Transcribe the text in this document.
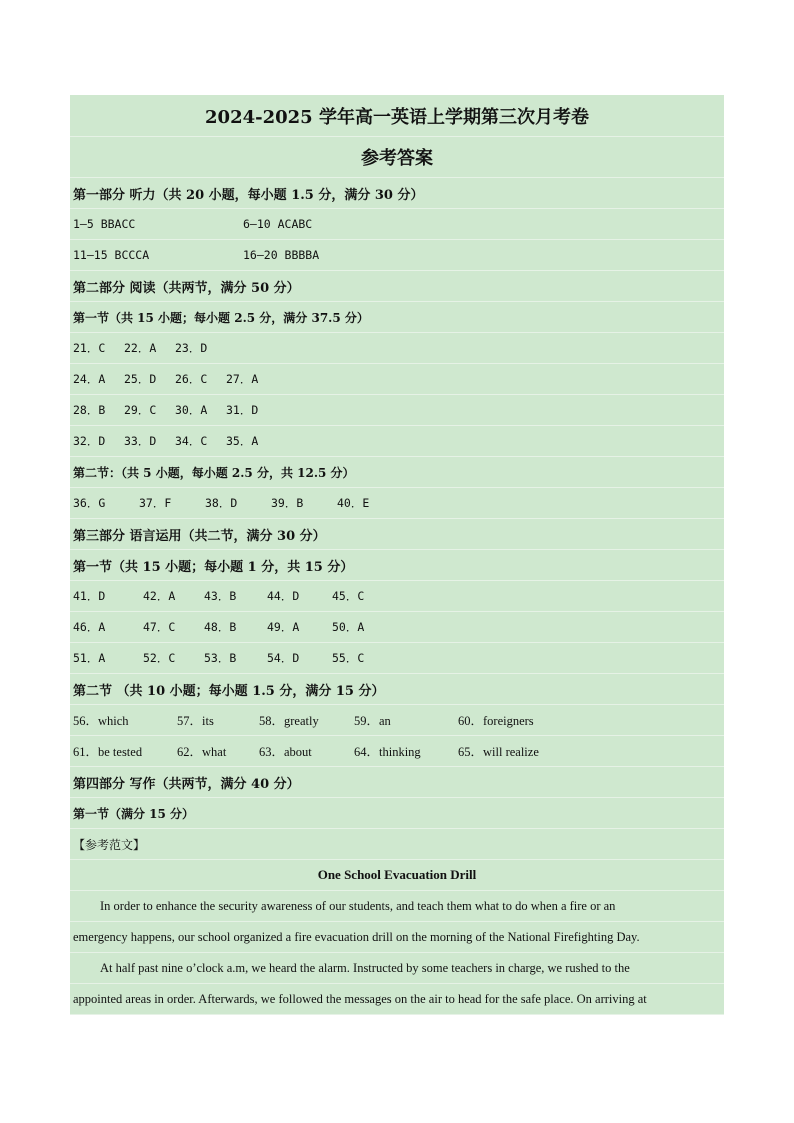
2024-2025 学年高一英语上学期第三次月考卷
参考答案
第一部分 听力（共 20 小题，每小题 1.5 分，满分 30 分）
1—5 BBACC	6—10 ACABC
11—15 BCCCA	16—20 BBBBA
第二部分 阅读（共两节，满分 50 分）
第一节（共 15 小题；每小题 2.5 分，满分 37.5 分）
21．C	22．A	23．D
24．A	25．D	26．C	27．A
28．B	29．C	30．A	31．D
32．D	33．D	34．C	35．A
第二节：（共 5 小题，每小题 2.5 分，共 12.5 分）
36．G	37．F	38．D	39．B	40．E
第三部分 语言运用（共二节，满分 30 分）
第一节（共 15 小题；每小题 1 分，共 15 分）
41．D	42．A	43．B	44．D	45．C
46．A	47．C	48．B	49．A	50．A
51．A	52．C	53．B	54．D	55．C
第二节 （共 10 小题；每小题 1.5 分，满分 15 分）
56．which	57．its	58．greatly	59．an	60．foreigners
61．be tested	62．what	63．about	64．thinking	65．will realize
第四部分 写作（共两节，满分 40 分）
第一节（满分 15 分）
【参考范文】
One School Evacuation Drill
In order to enhance the security awareness of our students, and teach them what to do when a fire or an
emergency happens, our school organized a fire evacuation drill on the morning of the National Firefighting Day.
At half past nine o’clock a.m, we heard the alarm. Instructed by some teachers in charge, we rushed to the
appointed areas in order. Afterwards, we followed the messages on the air to head for the safe place. On arriving at
